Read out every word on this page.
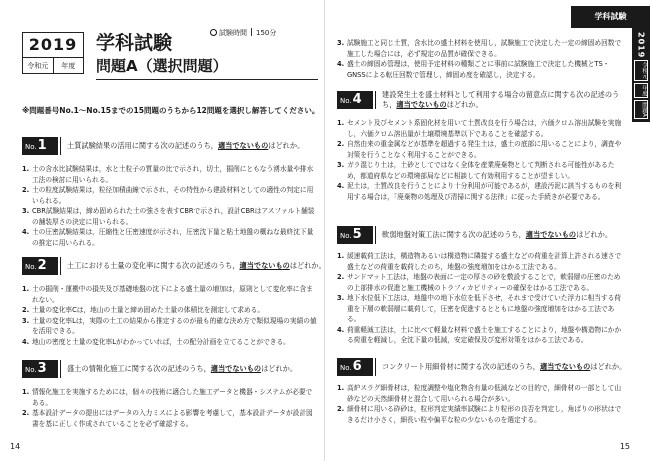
2019
令和元	年度
学科試験
問題A（選択問題）
試験時間 150分
※問題番号No.1～No.15までの15問題のうちから12問題を選択し解答してください。
No.1	土質試験結果の活用に関する次の記述のうち，適当でないものはどれか。
1. 土の含水比試験結果は，水と土粒子の質量の比で示され，切土，掘削にともなう湧水量や排水工法の検討に用いられる。
2. 土の粒度試験結果は，粒径加積曲線で示され，その特性から建設材料としての適性の判定に用いられる。
3. CBR試験結果は，締め固められた土の強さを表すCBRで示され，設計CBRはアスファルト舗装の舗装厚さの決定に用いられる。
4. 土の圧密試験結果は，圧縮性と圧密速度が示され，圧密沈下量と粘土地盤の概ねな最終沈下量の推定に用いられる。
No.2	土工における土量の変化率に関する次の記述のうち，適当でないものはどれか。
1. 土の掘削・運搬中の損失及び基礎地盤の沈下による盛土量の増加は，原則として変化率に含まれない。
2. 土量の変化率Cは，地山の土量と締め固めた土量の体積比を測定して求める。
3. 土量の変化率Lは，実際の土工の結果から推定するのが最も的確な決め方で類似現場の実績の値を活用できる。
4. 地山の密度と土量の変化率Lがわかっていれば，土の配分計画を立てることができる。
No.3	盛土の情報化施工に関する次の記述のうち，適当でないものはどれか。
1. 情報化施工を実施するためには，個々の技術に適合した施工データと機器・システムが必要である。
2. 基本設計データの提出にはデータの入力ミスによる影響を考慮して，基本設計データが設計図書を基に正しく作成されていることを必ず確認する。
14
学科試験
2019
令和元
年度
問題A
3. 試験施工と同じ土質，含水比の盛土材料を使用し，試験施工で決定した一定の締固め回数で施工した場合には，必ず規定の品質が確保できる。
4. 盛土の締固め管理は，使用予定材料の種類ごとに事前に試験施工で決定した機械とTS・GNSSによる転圧回数で管理し，締固め度を確認し，決定する。
No.4	建設発生土を盛土材料として利用する場合の留意点に関する次の記述のうち，適当でないものはどれか。
1. セメント及びセメント系固化材を用いて土質改良を行う場合は，六価クロム溶出試験を実施し，六価クロム溶出量が土壌環境基準以下であることを確認する。
2. 自然由来の重金属などが基準を超過する発生土は，盛土の底部に用いることにより，調査や対策を行うことなく利用することができる。
3. ガラ混じり土は，土砂としてではなく全体を産業廃棄物として判断される可能性があるため，都道府県などの環境部局などに相談して有効利用することが望ましい。
4. 泥土は，土質改良を行うことにより十分利用が可能であるが，建設汚泥に該当するものを利用する場合は，「廃棄物の処理及び清掃に関する法律」に従った手続きが必要である。
No.5	軟弱地盤対策工法に関する次の記述のうち，適当でないものはどれか。
1. 緩速載荷工法は，構造物あるいは構造物に隣接する盛土などの荷重を計算上許される速さで盛土などの荷重を載荷したのち，地盤の強度増加をはかる工法である。
2. サンドマット工法は，地盤の表面に一定の厚さの砂を敷設することで，軟弱層の圧密のための上部排水の促進と施工機械のトラフィカビリティーの確保をはかる工法である。
3. 地下水位低下工法は，地盤中の地下水位を低下させ，それまで受けていた浮力に相当する荷重を下層の軟弱層に載荷して，圧密を促進するとともに地盤の強度増加をはかる工法である。
4. 荷重軽減工法は，土に比べて軽量な材料で盛土を施工することにより，地盤や構造物にかかる荷重を軽減し，全沈下量の低減，安定確保及び変形対策をはかる工法である。
No.6	コンクリート用細骨材に関する次の記述のうち，適当でないものはどれか。
1. 高炉スラグ細骨材は，粒度調整や塩化物含有量の低減などの目的で，細骨材の一部として山砂などの天然細骨材と混合して用いられる場合が多い。
2. 細骨材に用いる砕砂は，粒形判定実績率試験により粒形の良否を判定し，角ばりの形状はできるだけ小さく，細長い粒や偏平な粒の少ないものを選定する。
15
